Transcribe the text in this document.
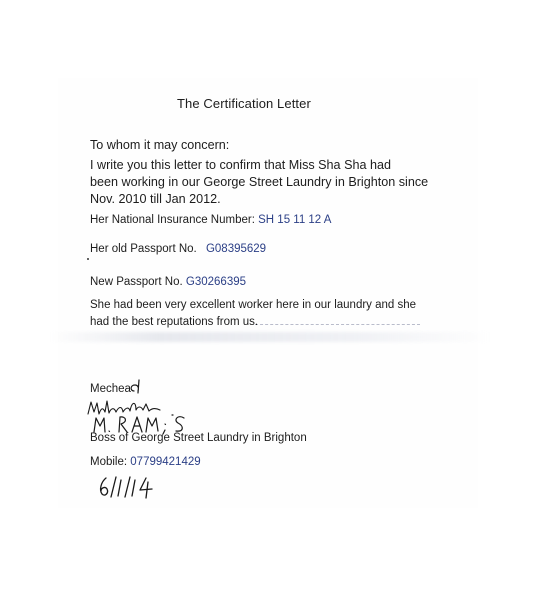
The Certification Letter
To whom it may concern:
I write you this letter to confirm that Miss Sha Sha had
been working in our George Street Laundry in Brighton since
Nov. 2010 till Jan 2012.
Her National Insurance Number: SH 15 11 12 A
Her old Passport No. G08395629
New Passport No. G30266395
She had been very excellent worker here in our laundry and she
had the best reputations from us.
Mechea
Boss of George Street Laundry in Brighton
Mobile: 07799421429
